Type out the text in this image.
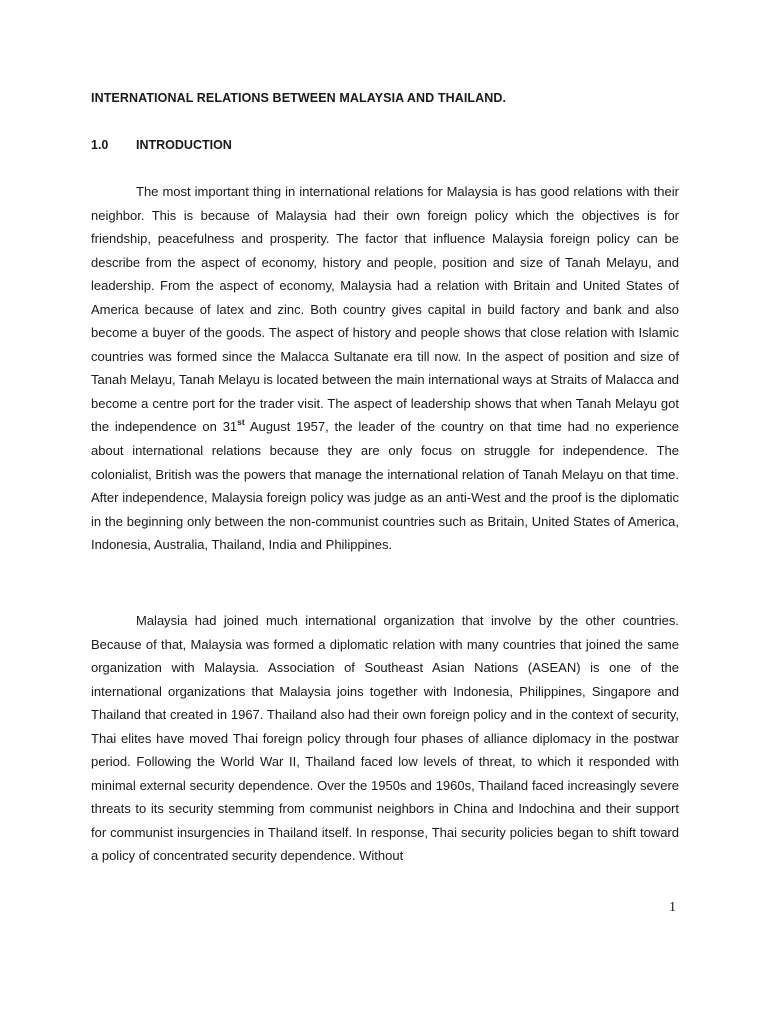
INTERNATIONAL RELATIONS BETWEEN MALAYSIA AND THAILAND.
1.0 INTRODUCTION

The most important thing in international relations for Malaysia is has good relations with their neighbor. This is because of Malaysia had their own foreign policy which the objectives is for friendship, peacefulness and prosperity. The factor that influence Malaysia foreign policy can be describe from the aspect of economy, history and people, position and size of Tanah Melayu, and leadership. From the aspect of economy, Malaysia had a relation with Britain and United States of America because of latex and zinc. Both country gives capital in build factory and bank and also become a buyer of the goods. The aspect of history and people shows that close relation with Islamic countries was formed since the Malacca Sultanate era till now. In the aspect of position and size of Tanah Melayu, Tanah Melayu is located between the main international ways at Straits of Malacca and become a centre port for the trader visit. The aspect of leadership shows that when Tanah Melayu got the independence on 31st August 1957, the leader of the country on that time had no experience about international relations because they are only focus on struggle for independence. The colonialist, British was the powers that manage the international relation of Tanah Melayu on that time. After independence, Malaysia foreign policy was judge as an anti-West and the proof is the diplomatic in the beginning only between the non-communist countries such as Britain, United States of America, Indonesia, Australia, Thailand, India and Philippines.

Malaysia had joined much international organization that involve by the other countries. Because of that, Malaysia was formed a diplomatic relation with many countries that joined the same organization with Malaysia. Association of Southeast Asian Nations (ASEAN) is one of the international organizations that Malaysia joins together with Indonesia, Philippines, Singapore and Thailand that created in 1967. Thailand also had their own foreign policy and in the context of security, Thai elites have moved Thai foreign policy through four phases of alliance diplomacy in the postwar period. Following the World War II, Thailand faced low levels of threat, to which it responded with minimal external security dependence. Over the 1950s and 1960s, Thailand faced increasingly severe threats to its security stemming from communist neighbors in China and Indochina and their support for communist insurgencies in Thailand itself. In response, Thai security policies began to shift toward a policy of concentrated security dependence. Without

1
